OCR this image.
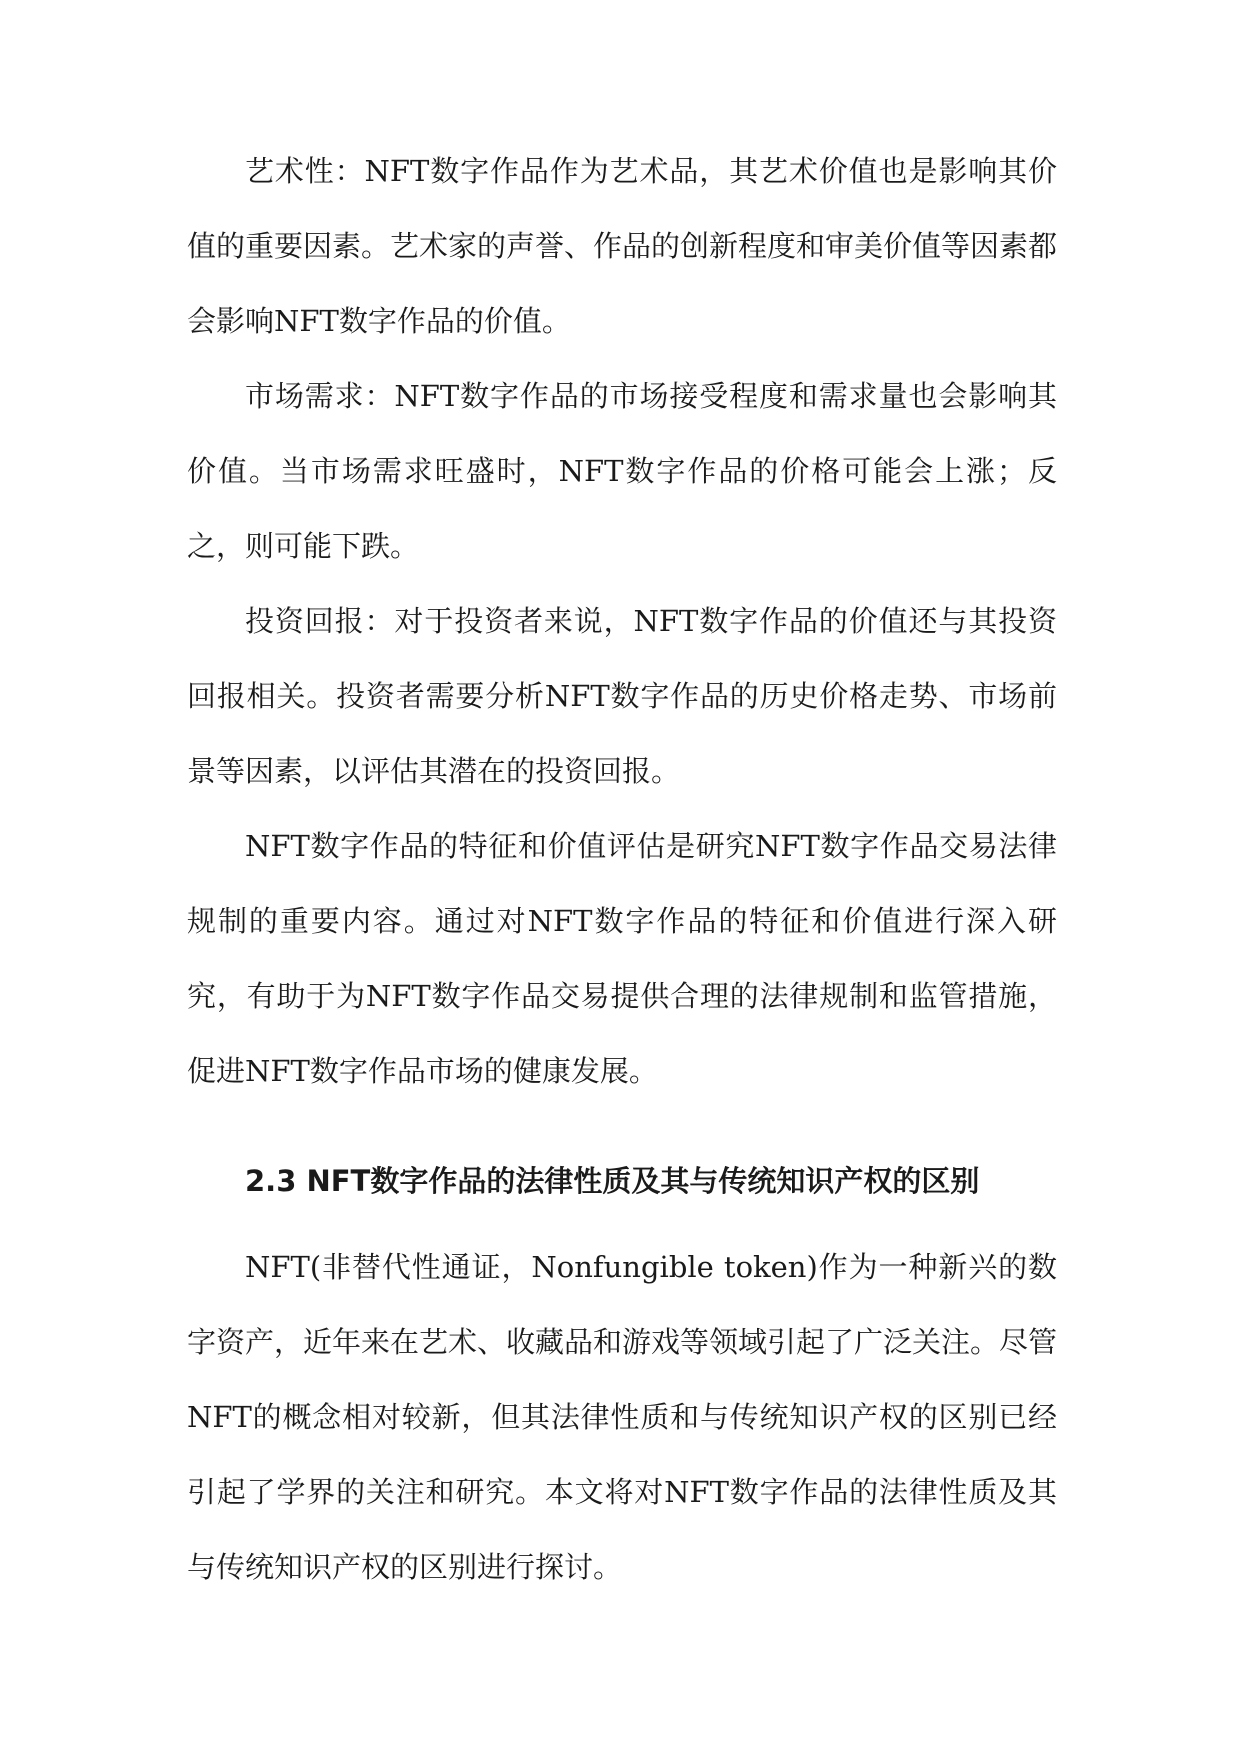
艺术性：NFT数字作品作为艺术品，其艺术价值也是影响其价值的重要因素。艺术家的声誉、作品的创新程度和审美价值等因素都会影响NFT数字作品的价值。

市场需求：NFT数字作品的市场接受程度和需求量也会影响其价值。当市场需求旺盛时，NFT数字作品的价格可能会上涨；反之，则可能下跌。

投资回报：对于投资者来说，NFT数字作品的价值还与其投资回报相关。投资者需要分析NFT数字作品的历史价格走势、市场前景等因素，以评估其潜在的投资回报。

NFT数字作品的特征和价值评估是研究NFT数字作品交易法律规制的重要内容。通过对NFT数字作品的特征和价值进行深入研究，有助于为NFT数字作品交易提供合理的法律规制和监管措施，促进NFT数字作品市场的健康发展。

2.3 NFT数字作品的法律性质及其与传统知识产权的区别

NFT(非替代性通证，Nonfungible token)作为一种新兴的数字资产，近年来在艺术、收藏品和游戏等领域引起了广泛关注。尽管NFT的概念相对较新，但其法律性质和与传统知识产权的区别已经引起了学界的关注和研究。本文将对NFT数字作品的法律性质及其与传统知识产权的区别进行探讨。
